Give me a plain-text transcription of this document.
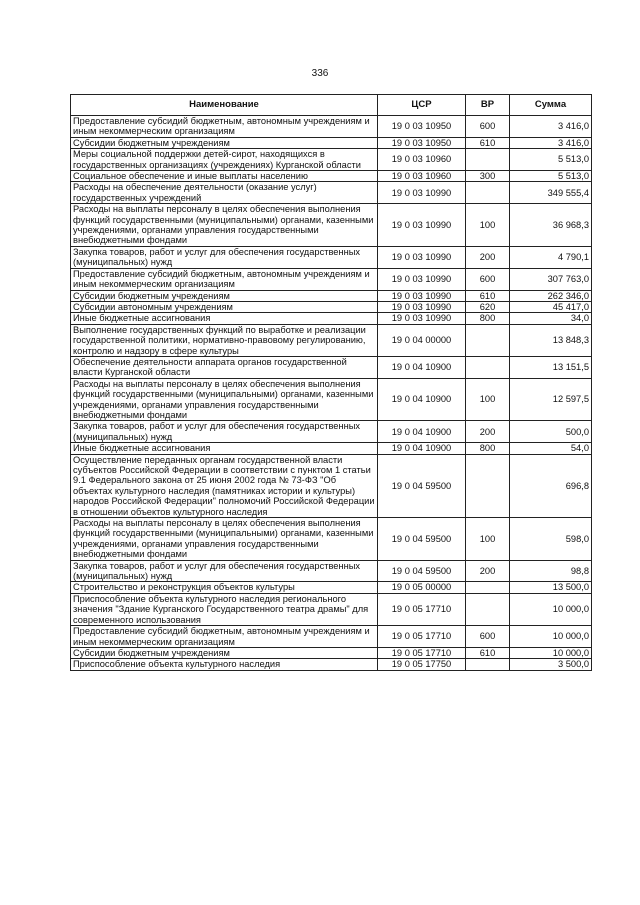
336
Наименование	ЦСР	ВР	Сумма
Предоставление субсидий бюджетным, автономным учреждениям и иным некоммерческим организациям	19 0 03 10950	600	3 416,0
Субсидии бюджетным учреждениям	19 0 03 10950	610	3 416,0
Меры социальной поддержки детей-сирот, находящихся в государственных организациях (учреждениях) Курганской области	19 0 03 10960		5 513,0
Социальное обеспечение и иные выплаты населению	19 0 03 10960	300	5 513,0
Расходы на обеспечение деятельности (оказание услуг) государственных учреждений	19 0 03 10990		349 555,4
Расходы на выплаты персоналу в целях обеспечения выполнения функций государственными (муниципальными) органами, казенными учреждениями, органами управления государственными внебюджетными фондами	19 0 03 10990	100	36 968,3
Закупка товаров, работ и услуг для обеспечения государственных (муниципальных) нужд	19 0 03 10990	200	4 790,1
Предоставление субсидий бюджетным, автономным учреждениям и иным некоммерческим организациям	19 0 03 10990	600	307 763,0
Субсидии бюджетным учреждениям	19 0 03 10990	610	262 346,0
Субсидии автономным учреждениям	19 0 03 10990	620	45 417,0
Иные бюджетные ассигнования	19 0 03 10990	800	34,0
Выполнение государственных функций по выработке и реализации государственной политики, нормативно-правовому регулированию, контролю и надзору в сфере культуры	19 0 04 00000		13 848,3
Обеспечение деятельности аппарата органов государственной власти Курганской области	19 0 04 10900		13 151,5
Расходы на выплаты персоналу в целях обеспечения выполнения функций государственными (муниципальными) органами, казенными учреждениями, органами управления государственными внебюджетными фондами	19 0 04 10900	100	12 597,5
Закупка товаров, работ и услуг для обеспечения государственных (муниципальных) нужд	19 0 04 10900	200	500,0
Иные бюджетные ассигнования	19 0 04 10900	800	54,0
Осуществление переданных органам государственной власти субъектов Российской Федерации в соответствии с пунктом 1 статьи 9.1 Федерального закона от 25 июня 2002 года № 73-ФЗ "Об объектах культурного наследия (памятниках истории и культуры) народов Российской Федерации" полномочий Российской Федерации в отношении объектов культурного наследия	19 0 04 59500		696,8
Расходы на выплаты персоналу в целях обеспечения выполнения функций государственными (муниципальными) органами, казенными учреждениями, органами управления государственными внебюджетными фондами	19 0 04 59500	100	598,0
Закупка товаров, работ и услуг для обеспечения государственных (муниципальных) нужд	19 0 04 59500	200	98,8
Строительство и реконструкция объектов культуры	19 0 05 00000		13 500,0
Приспособление объекта культурного наследия регионального значения "Здание Курганского Государственного театра драмы" для современного использования	19 0 05 17710		10 000,0
Предоставление субсидий бюджетным, автономным учреждениям и иным некоммерческим организациям	19 0 05 17710	600	10 000,0
Субсидии бюджетным учреждениям	19 0 05 17710	610	10 000,0
Приспособление объекта культурного наследия	19 0 05 17750		3 500,0
